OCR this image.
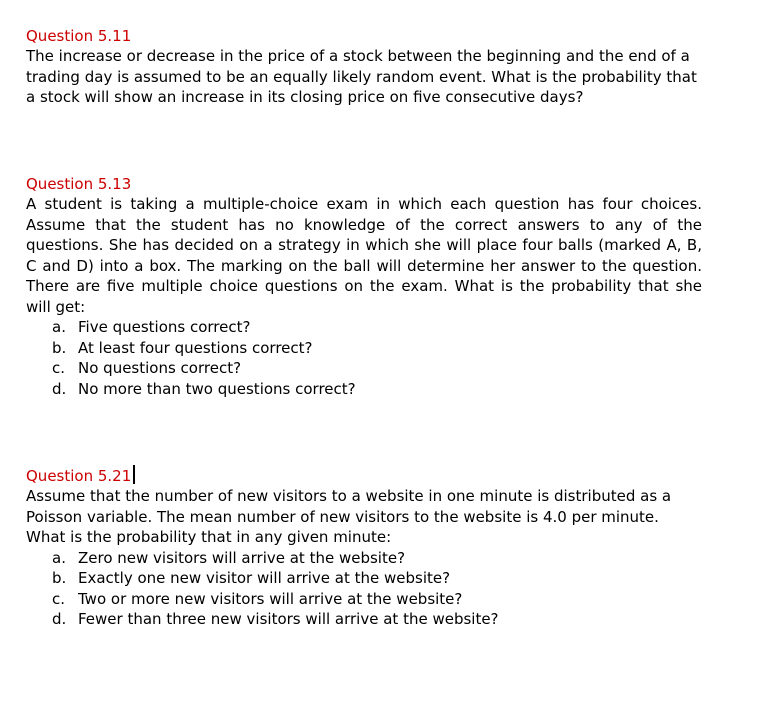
Question 5.11

The increase or decrease in the price of a stock between the beginning and the end of a trading day is assumed to be an equally likely random event. What is the probability that a stock will show an increase in its closing price on five consecutive days?

Question 5.13

A student is taking a multiple-choice exam in which each question has four choices. Assume that the student has no knowledge of the correct answers to any of the questions. She has decided on a strategy in which she will place four balls (marked A, B, C and D) into a box. The marking on the ball will determine her answer to the question. There are five multiple choice questions on the exam. What is the probability that she will get:

a. Five questions correct?
b. At least four questions correct?
c. No questions correct?
d. No more than two questions correct?
Question 5.21

Assume that the number of new visitors to a website in one minute is distributed as a Poisson variable. The mean number of new visitors to the website is 4.0 per minute. What is the probability that in any given minute:

a. Zero new visitors will arrive at the website?
b. Exactly one new visitor will arrive at the website?
c. Two or more new visitors will arrive at the website?
d. Fewer than three new visitors will arrive at the website?
